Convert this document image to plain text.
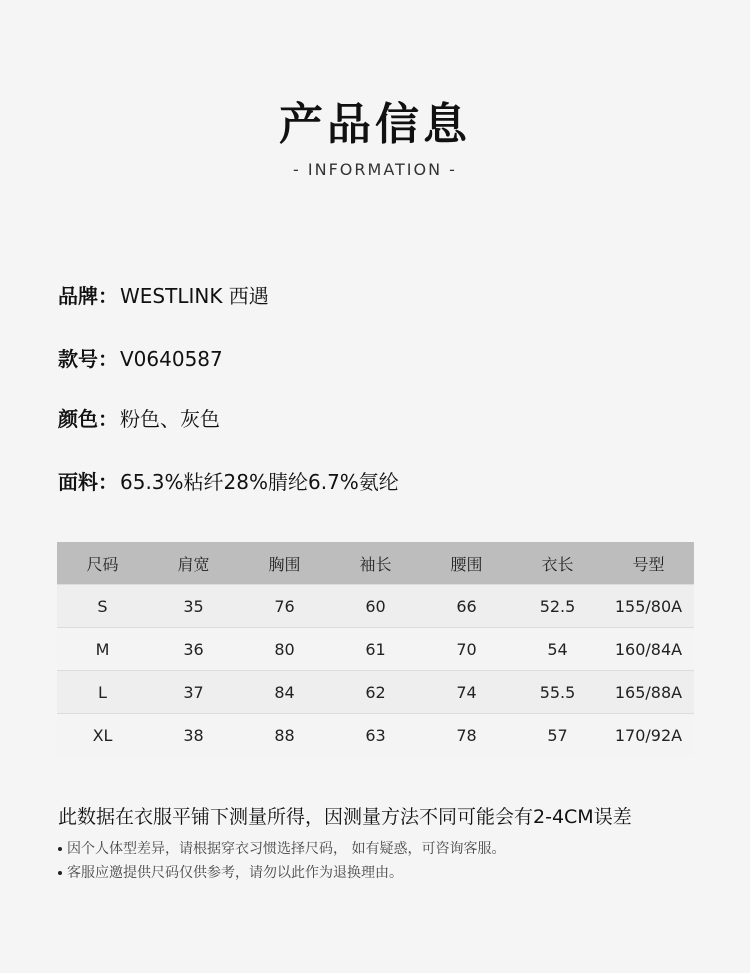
产品信息
- INFORMATION -
品牌： WESTLINK 西遇
款号： V0640587
颜色： 粉色、灰色
面料： 65.3%粘纤28%腈纶6.7%氨纶
尺码	肩宽	胸围	袖长	腰围	衣长	号型
S	35	76	60	66	52.5	155/80A
M	36	80	61	70	54	160/84A
L	37	84	62	74	55.5	165/88A
XL	38	88	63	78	57	170/92A
此数据在衣服平铺下测量所得，因测量方法不同可能会有2-4CM误差
因个人体型差异，请根据穿衣习惯选择尺码， 如有疑惑，可咨询客服。
客服应邀提供尺码仅供参考，请勿以此作为退换理由。
